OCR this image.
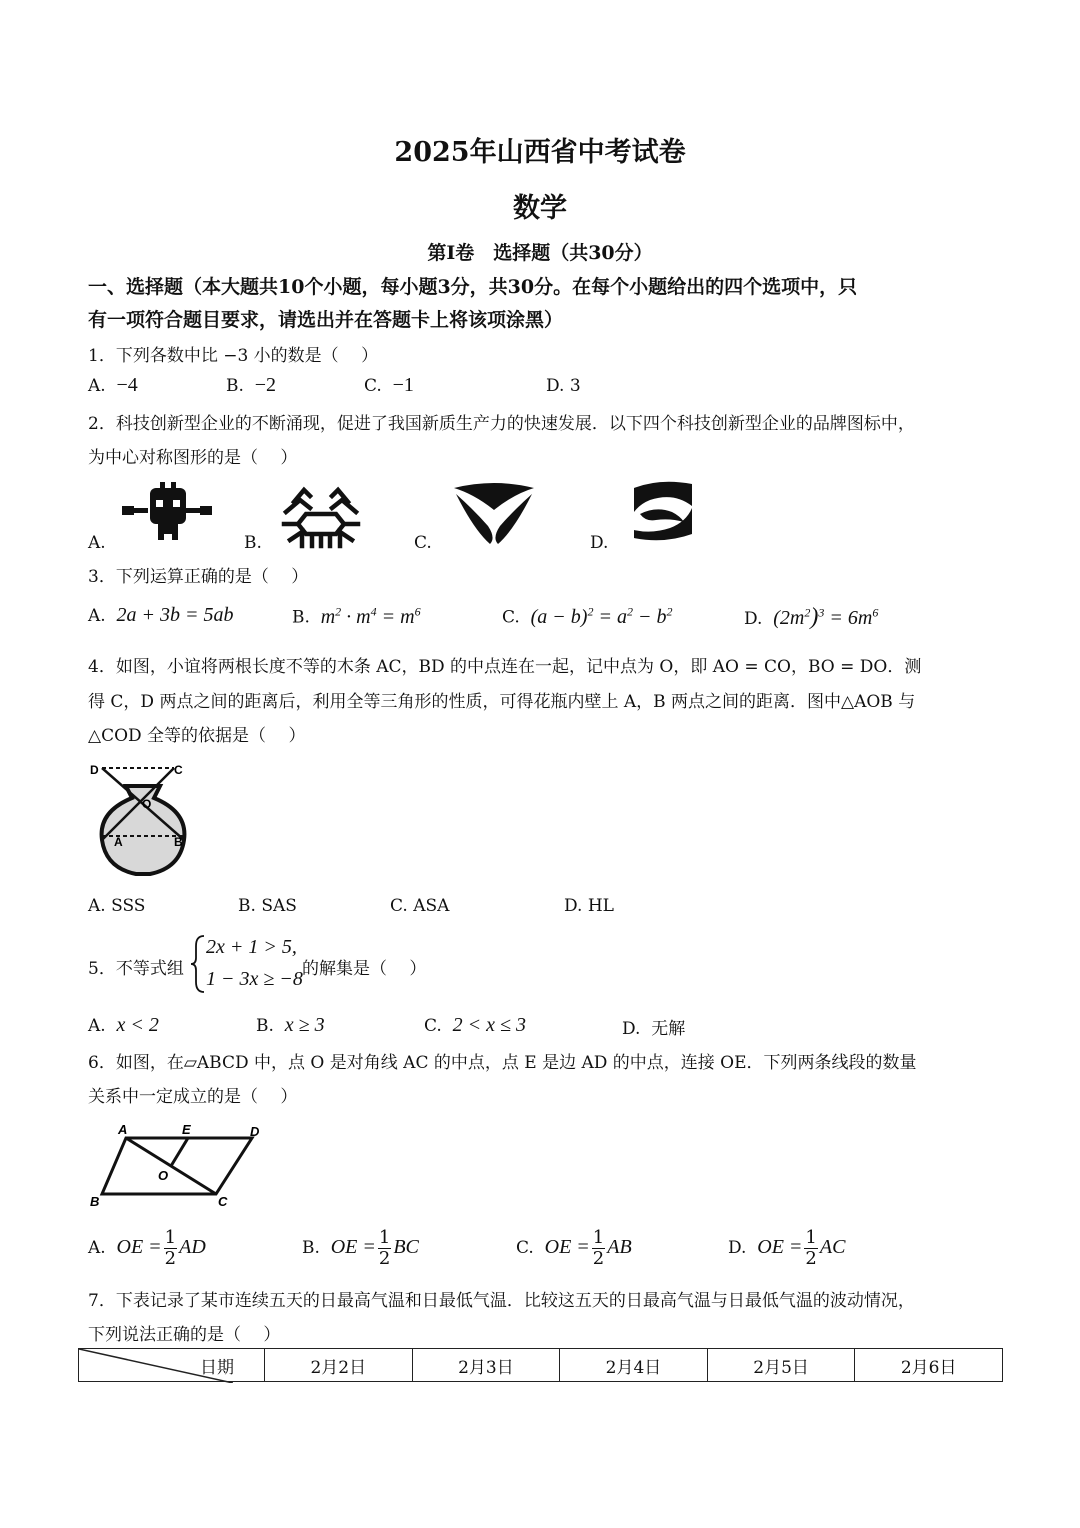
2025年山西省中考试卷
数学
第Ⅰ卷　选择题（共30分）
一、选择题（本大题共10个小题，每小题3分，共30分。在每个小题给出的四个选项中，只
有一项符合题目要求，请选出并在答题卡上将该项涂黑）
1．下列各数中比 −3 小的数是（　 ）
A. −4	B. −2	C. −1	D. 3
2．科技创新型企业的不断涌现，促进了我国新质生产力的快速发展．以下四个科技创新型企业的品牌图标中，
为中心对称图形的是（　 ）
A.	B.	C.	D.
3．下列运算正确的是（　 ）
A. 2a + 3b = 5ab	B. $m^2 \cdot m^4 = m^6$	C. $(a - b)^2 = a^2 - b^2$	D. $(2m^2)^3 = 6m^6$
4．如图，小谊将两根长度不等的木条 AC，BD 的中点连在一起，记中点为 O，即 AO = CO，BO = DO．测
得 C，D 两点之间的距离后，利用全等三角形的性质，可得花瓶内壁上 A，B 两点之间的距离．图中△AOB 与
△COD 全等的依据是（　 ）
D	C
O
A	B
A. SSS	B. SAS	C. ASA	D. HL
5．不等式组
2x + 1 > 5,
1 − 3x ≥ −8 的解集是（　 ）
A. x < 2	B. x ≥ 3	C. 2 < x ≤ 3	D. 无解
6．如图，在▱ABCD 中，点 O 是对角线 AC 的中点，点 E 是边 AD 的中点，连接 OE．下列两条线段的数量
关系中一定成立的是（　 ）
A	E	D
O
B	C
A. OE = $\frac{1}{2}$ AD	B. OE = $\frac{1}{2}$ BC	C. OE = $\frac{1}{2}$ AB	D. OE = $\frac{1}{2}$ AC
7．下表记录了某市连续五天的日最高气温和日最低气温．比较这五天的日最高气温与日最低气温的波动情况，
下列说法正确的是（　 ）
日期	2月2日	2月3日	2月4日	2月5日	2月6日
